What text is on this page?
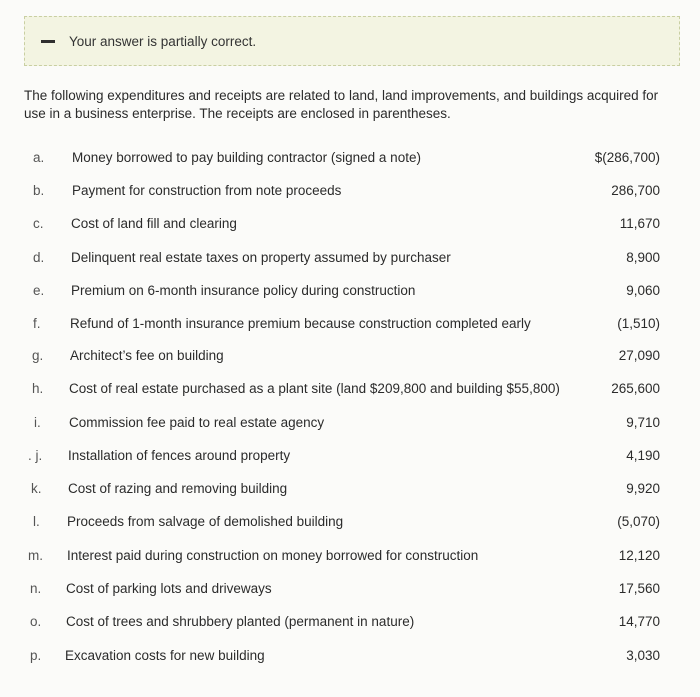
Your answer is partially correct.
The following expenditures and receipts are related to land, land improvements, and buildings acquired for use in a business enterprise. The receipts are enclosed in parentheses.
a. Money borrowed to pay building contractor (signed a note)	$(286,700)
b. Payment for construction from note proceeds	286,700
c. Cost of land fill and clearing	11,670
d. Delinquent real estate taxes on property assumed by purchaser	8,900
e. Premium on 6-month insurance policy during construction	9,060
f. Refund of 1-month insurance premium because construction completed early	(1,510)
g. Architect’s fee on building	27,090
h. Cost of real estate purchased as a plant site (land $209,800 and building $55,800)	265,600
i. Commission fee paid to real estate agency	9,710
. j. Installation of fences around property	4,190
k. Cost of razing and removing building	9,920
l. Proceeds from salvage of demolished building	(5,070)
m. Interest paid during construction on money borrowed for construction	12,120
n. Cost of parking lots and driveways	17,560
o. Cost of trees and shrubbery planted (permanent in nature)	14,770
p. Excavation costs for new building	3,030
